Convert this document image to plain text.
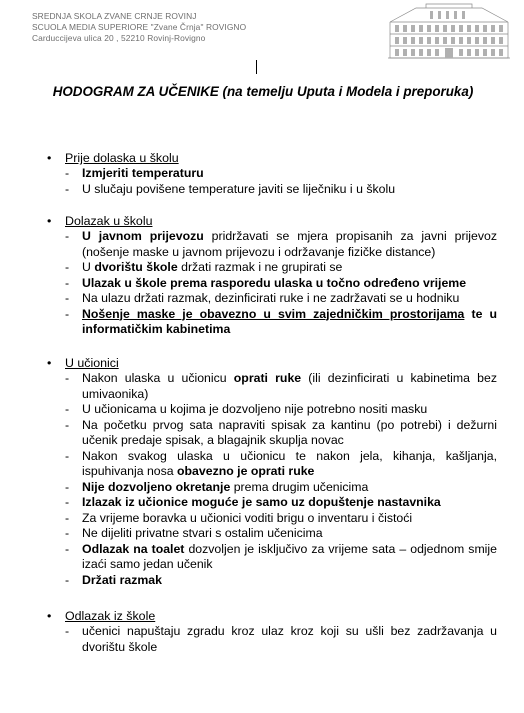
SREDNJA SKOLA ZVANE CRNJE ROVINJ
SCUOLA MEDIA SUPERIORE "Zvane Črnja" ROVIGNO
Carduccijeva ulica 20 , 52210 Rovinj-Rovigno
HODOGRAM ZA UČENIKE (na temelju Uputa i Modela i preporuka)
• Prije dolaska u školu
- Izmjeriti temperaturu
- U slučaju povišene temperature javiti se liječniku i u školu
• Dolazak u školu
- U javnom prijevozu pridržavati se mjera propisanih za javni prijevoz (nošenje maske u javnom prijevozu i održavanje fizičke distance)
- U dvorištu škole držati razmak i ne grupirati se
- Ulazak u škole prema rasporedu ulaska u točno određeno vrijeme
- Na ulazu držati razmak, dezinficirati ruke i ne zadržavati se u hodniku
- Nošenje maske je obavezno u svim zajedničkim prostorijama te u informatičkim kabinetima
• U učionici
- Nakon ulaska u učionicu oprati ruke (ili dezinficirati u kabinetima bez umivaonika)
- U učionicama u kojima je dozvoljeno nije potrebno nositi masku
- Na početku prvog sata napraviti spisak za kantinu (po potrebi) i dežurni učenik predaje spisak, a blagajnik skuplja novac
- Nakon svakog ulaska u učionicu te nakon jela, kihanja, kašljanja, ispuhivanja nosa obavezno je oprati ruke
- Nije dozvoljeno okretanje prema drugim učenicima
- Izlazak iz učionice moguće je samo uz dopuštenje nastavnika
- Za vrijeme boravka u učionici voditi brigu o inventaru i čistoći
- Ne dijeliti privatne stvari s ostalim učenicima
- Odlazak na toalet dozvoljen je isključivo za vrijeme sata – odjednom smije izaći samo jedan učenik
- Držati razmak
• Odlazak iz škole
- učenici napuštaju zgradu kroz ulaz kroz koji su ušli bez zadržavanja u dvorištu škole
